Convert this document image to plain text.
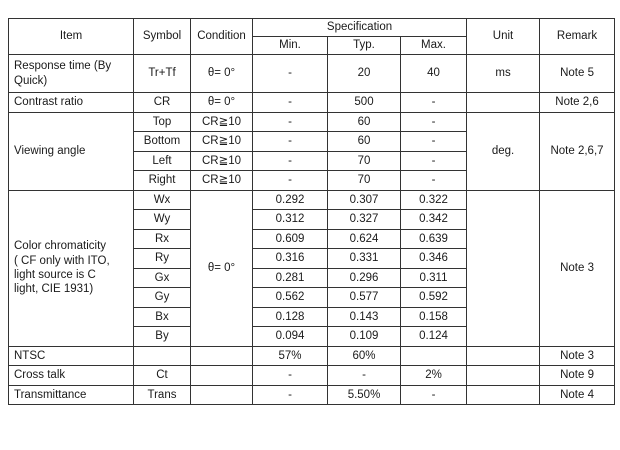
Item	Symbol	Condition	Specification			Unit	Remark
			Min.	Typ.	Max.		
Response time (By Quick)	Tr+Tf	θ= 0°	-	20	40	ms	Note 5
Contrast ratio	CR	θ= 0°	-	500	-		Note 2,6
Viewing angle	Top	CR≧10	-	60	-	deg.	Note 2,6,7
	Bottom	CR≧10	-	60	-		
	Left	CR≧10	-	70	-		
	Right	CR≧10	-	70	-		

Color chromaticity
( CF only with ITO,
light source is C
light, CIE 1931)	Wx	θ= 0°	0.292	0.307	0.322		Note 3
	Wy		0.312	0.327	0.342		
	Rx		0.609	0.624	0.639		
	Ry		0.316	0.331	0.346		
	Gx		0.281	0.296	0.311		
	Gy		0.562	0.577	0.592		
	Bx		0.128	0.143	0.158		
	By		0.094	0.109	0.124		
NTSC			57%	60%			Note 3
Cross talk	Ct		-	-	2%		Note 9
Transmittance	Trans		-	5.50%	-		Note 4
